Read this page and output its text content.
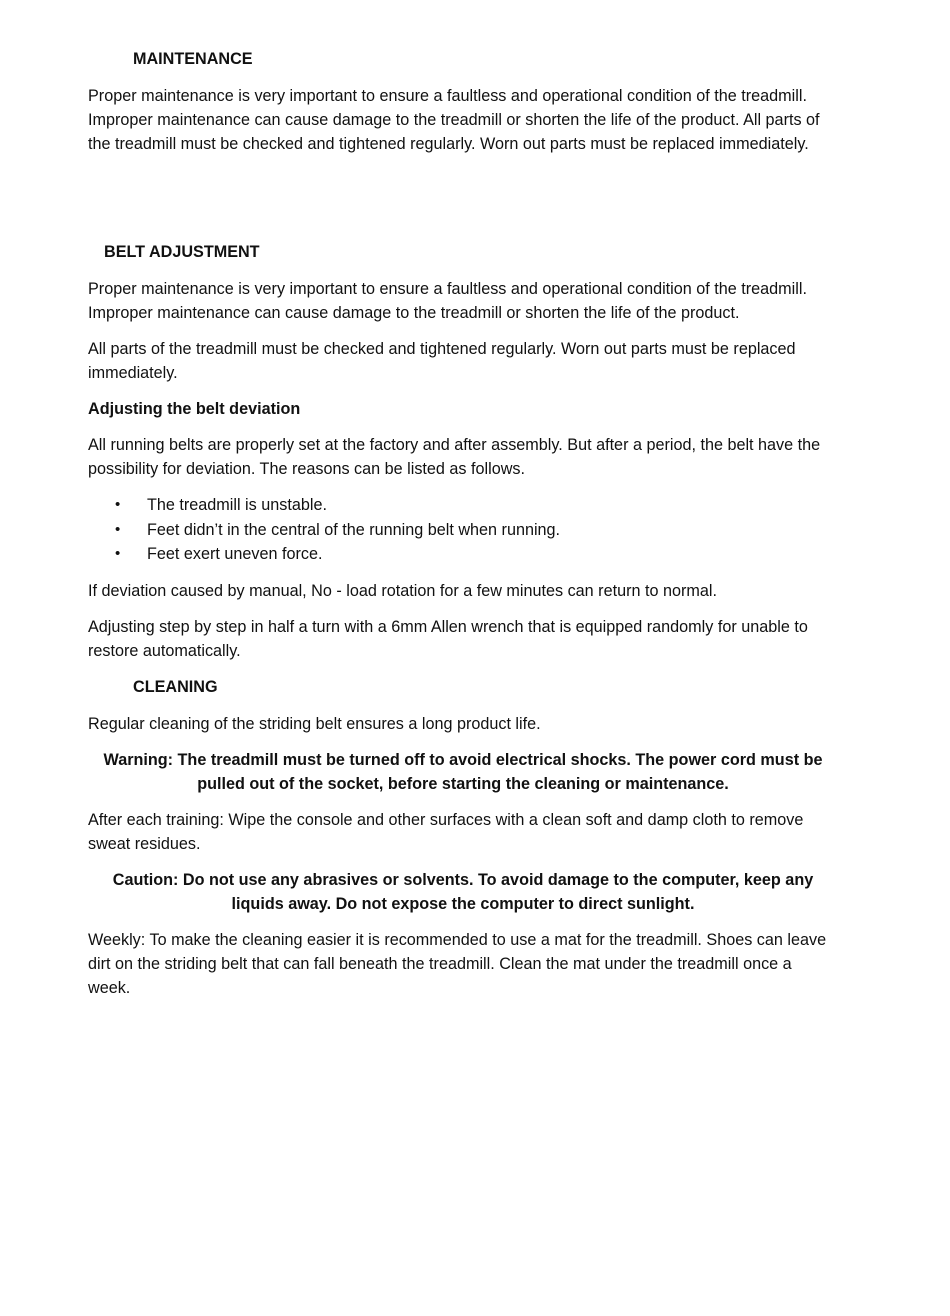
MAINTENANCE

Proper maintenance is very important to ensure a faultless and operational condition of the treadmill. Improper maintenance can cause damage to the treadmill or shorten the life of the product. All parts of the treadmill must be checked and tightened regularly. Worn out parts must be replaced immediately.

BELT ADJUSTMENT

Proper maintenance is very important to ensure a faultless and operational condition of the treadmill. Improper maintenance can cause damage to the treadmill or shorten the life of the product.

All parts of the treadmill must be checked and tightened regularly. Worn out parts must be replaced immediately.

Adjusting the belt deviation

All running belts are properly set at the factory and after assembly. But after a period, the belt have the possibility for deviation. The reasons can be listed as follows.

• The treadmill is unstable.
• Feet didn’t in the central of the running belt when running.
• Feet exert uneven force.

If deviation caused by manual, No - load rotation for a few minutes can return to normal.

Adjusting step by step in half a turn with a 6mm Allen wrench that is equipped randomly for unable to restore automatically.

CLEANING

Regular cleaning of the striding belt ensures a long product life.

Warning: The treadmill must be turned off to avoid electrical shocks. The power cord must be pulled out of the socket, before starting the cleaning or maintenance.

After each training: Wipe the console and other surfaces with a clean soft and damp cloth to remove sweat residues.

Caution: Do not use any abrasives or solvents. To avoid damage to the computer, keep any liquids away. Do not expose the computer to direct sunlight.

Weekly: To make the cleaning easier it is recommended to use a mat for the treadmill. Shoes can leave dirt on the striding belt that can fall beneath the treadmill. Clean the mat under the treadmill once a week.
